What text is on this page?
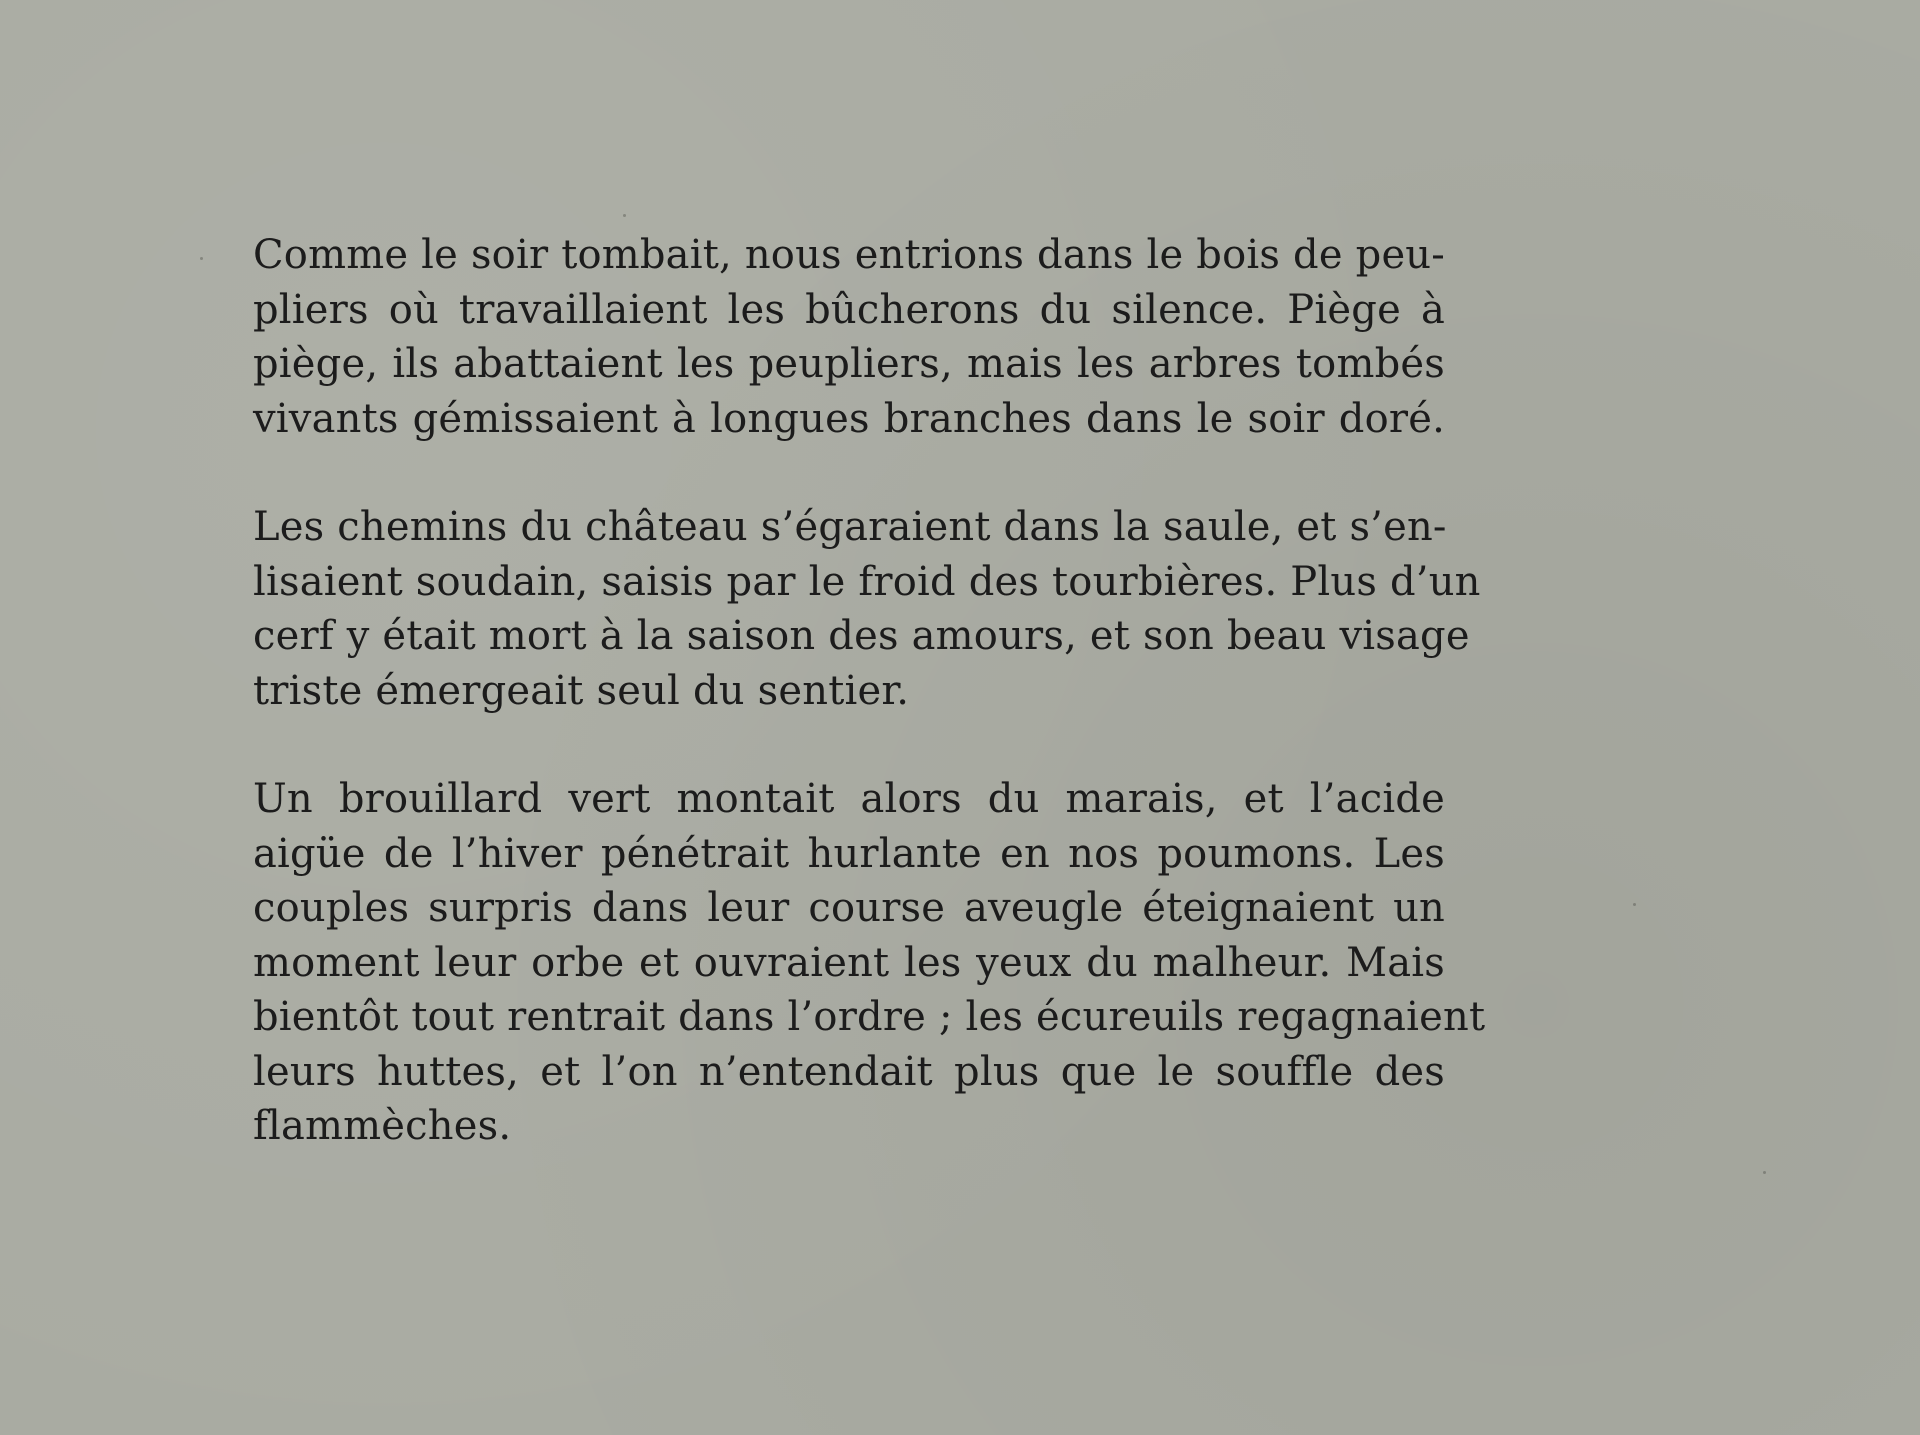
Comme le soir tombait, nous entrions dans le bois de peu-
pliers où travaillaient les bûcherons du silence. Piège à
piège, ils abattaient les peupliers, mais les arbres tombés
vivants gémissaient à longues branches dans le soir doré.

Les chemins du château s’égaraient dans la saule, et s’en-
lisaient soudain, saisis par le froid des tourbières. Plus d’un
cerf y était mort à la saison des amours, et son beau visage
triste émergeait seul du sentier.

Un brouillard vert montait alors du marais, et l’acide
aigüe de l’hiver pénétrait hurlante en nos poumons. Les
couples surpris dans leur course aveugle éteignaient un
moment leur orbe et ouvraient les yeux du malheur. Mais
bientôt tout rentrait dans l’ordre ; les écureuils regagnaient
leurs huttes, et l’on n’entendait plus que le souffle des
flammèches.
